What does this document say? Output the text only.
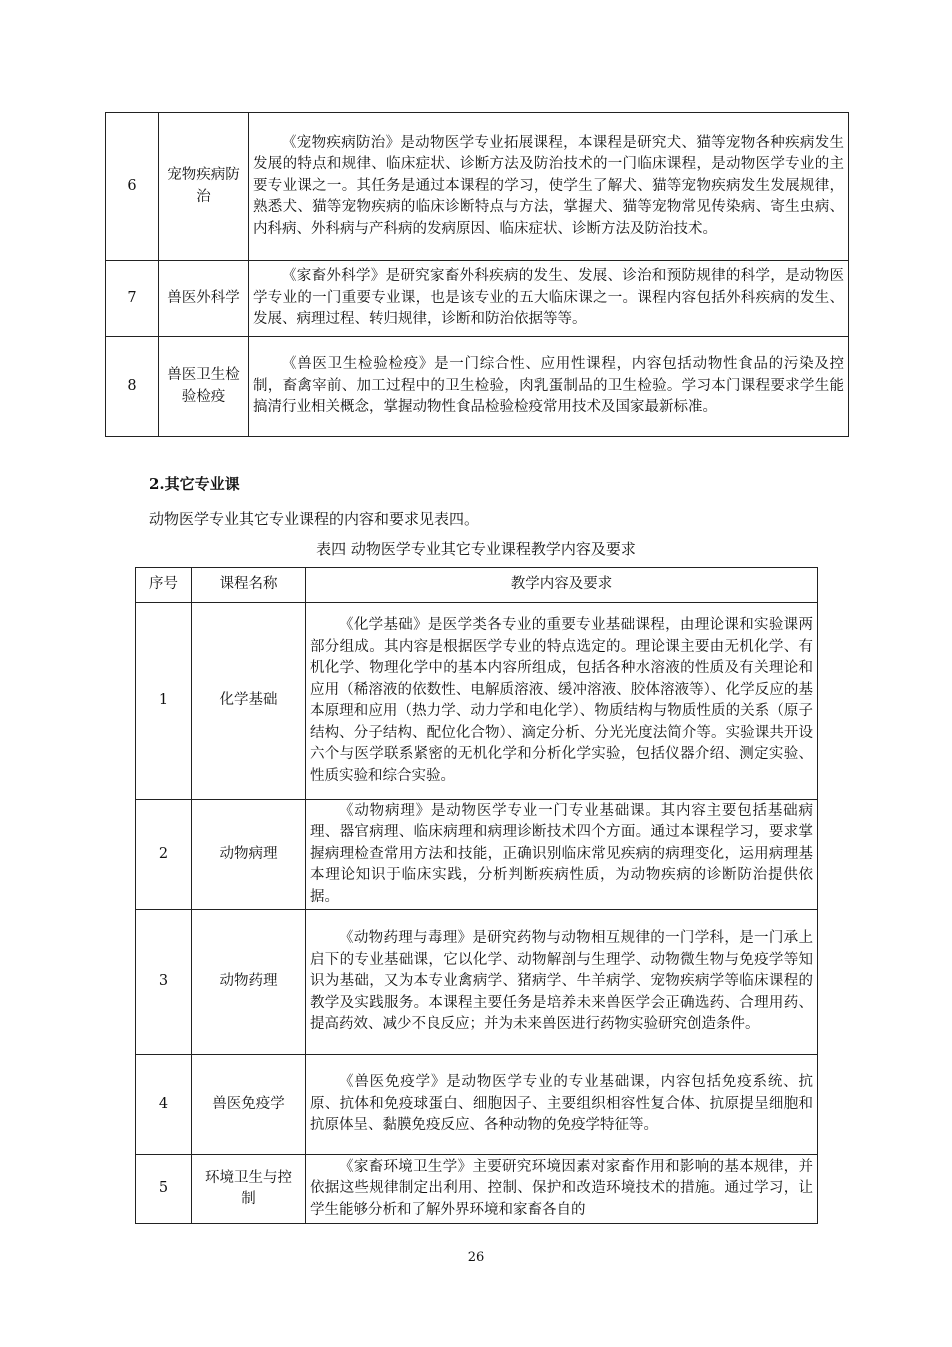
6	宠物疾病防治	《宠物疾病防治》是动物医学专业拓展课程，本课程是研究犬、猫等宠物各种疾病发生发展的特点和规律、临床症状、诊断方法及防治技术的一门临床课程，是动物医学专业的主要专业课之一。其任务是通过本课程的学习，使学生了解犬、猫等宠物疾病发生发展规律，熟悉犬、猫等宠物疾病的临床诊断特点与方法，掌握犬、猫等宠物常见传染病、寄生虫病、内科病、外科病与产科病的发病原因、临床症状、诊断方法及防治技术。
7	兽医外科学	《家畜外科学》是研究家畜外科疾病的发生、发展、诊治和预防规律的科学，是动物医学专业的一门重要专业课，也是该专业的五大临床课之一。课程内容包括外科疾病的发生、发展、病理过程、转归规律，诊断和防治依据等等。
8	兽医卫生检验检疫	《兽医卫生检验检疫》是一门综合性、应用性课程，内容包括动物性食品的污染及控制，畜禽宰前、加工过程中的卫生检验，肉乳蛋制品的卫生检验。学习本门课程要求学生能搞清行业相关概念，掌握动物性食品检验检疫常用技术及国家最新标准。
2.其它专业课
动物医学专业其它专业课程的内容和要求见表四。
表四 动物医学专业其它专业课程教学内容及要求
序号	课程名称	教学内容及要求
1	化学基础	《化学基础》是医学类各专业的重要专业基础课程，由理论课和实验课两部分组成。其内容是根据医学专业的特点选定的。理论课主要由无机化学、有机化学、物理化学中的基本内容所组成，包括各种水溶液的性质及有关理论和应用（稀溶液的依数性、电解质溶液、缓冲溶液、胶体溶液等）、化学反应的基本原理和应用（热力学、动力学和电化学）、物质结构与物质性质的关系（原子结构、分子结构、配位化合物）、滴定分析、分光光度法简介等。实验课共开设六个与医学联系紧密的无机化学和分析化学实验，包括仪器介绍、测定实验、性质实验和综合实验。
2	动物病理	《动物病理》是动物医学专业一门专业基础课。其内容主要包括基础病理、器官病理、临床病理和病理诊断技术四个方面。通过本课程学习，要求掌握病理检查常用方法和技能，正确识别临床常见疾病的病理变化，运用病理基本理论知识于临床实践，分析判断疾病性质，为动物疾病的诊断防治提供依据。
3	动物药理	《动物药理与毒理》是研究药物与动物相互规律的一门学科，是一门承上启下的专业基础课，它以化学、动物解剖与生理学、动物微生物与免疫学等知识为基础，又为本专业禽病学、猪病学、牛羊病学、宠物疾病学等临床课程的教学及实践服务。本课程主要任务是培养未来兽医学会正确选药、合理用药、提高药效、减少不良反应；并为未来兽医进行药物实验研究创造条件。
4	兽医免疫学	《兽医免疫学》是动物医学专业的专业基础课，内容包括免疫系统、抗原、抗体和免疫球蛋白、细胞因子、主要组织相容性复合体、抗原提呈细胞和抗原体呈、黏膜免疫反应、各种动物的免疫学特征等。
5	环境卫生与控制	《家畜环境卫生学》主要研究环境因素对家畜作用和影响的基本规律，并依据这些规律制定出利用、控制、保护和改造环境技术的措施。通过学习，让学生能够分析和了解外界环境和家畜各自的
26
